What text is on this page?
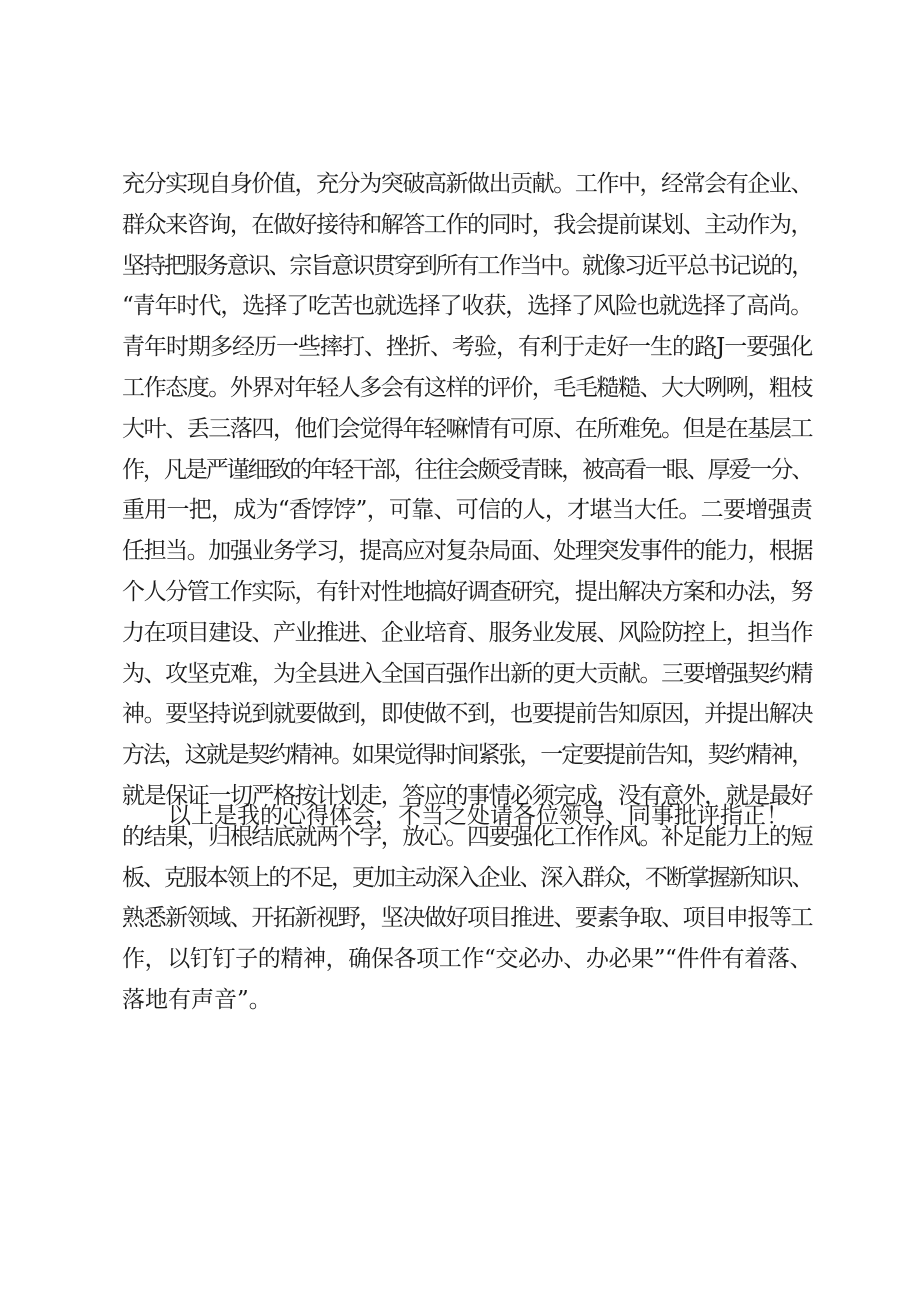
充分实现自身价值，充分为突破高新做出贡献。工作中，经常会有企业、
群众来咨询，在做好接待和解答工作的同时，我会提前谋划、主动作为，
坚持把服务意识、宗旨意识贯穿到所有工作当中。就像习近平总书记说的，
“青年时代，选择了吃苦也就选择了收获，选择了风险也就选择了高尚。
青年时期多经历一些摔打、挫折、考验，有利于走好一生的路J一要强化
工作态度。外界对年轻人多会有这样的评价，毛毛糙糙、大大咧咧，粗枝
大叶、丢三落四，他们会觉得年轻嘛情有可原、在所难免。但是在基层工
作，凡是严谨细致的年轻干部，往往会颇受青睐，被高看一眼、厚爱一分、
重用一把，成为“香饽饽”，可靠、可信的人，才堪当大任。二要增强责
任担当。加强业务学习，提高应对复杂局面、处理突发事件的能力，根据
个人分管工作实际，有针对性地搞好调查研究，提出解决方案和办法，努
力在项目建设、产业推进、企业培育、服务业发展、风险防控上，担当作
为、攻坚克难，为全县进入全国百强作出新的更大贡献。三要增强契约精
神。要坚持说到就要做到，即使做不到，也要提前告知原因，并提出解决
方法，这就是契约精神。如果觉得时间紧张，一定要提前告知，契约精神，
就是保证一切严格按计划走，答应的事情必须完成，没有意外，就是最好
的结果，归根结底就两个字，放心。四要强化工作作风。补足能力上的短
板、克服本领上的不足，更加主动深入企业、深入群众，不断掌握新知识、
熟悉新领域、开拓新视野，坚决做好项目推进、要素争取、项目申报等工
作，以钉钉子的精神，确保各项工作“交必办、办必果”“件件有着落、
落地有声音”。
以上是我的心得体会，不当之处请各位领导、同事批评指正！
